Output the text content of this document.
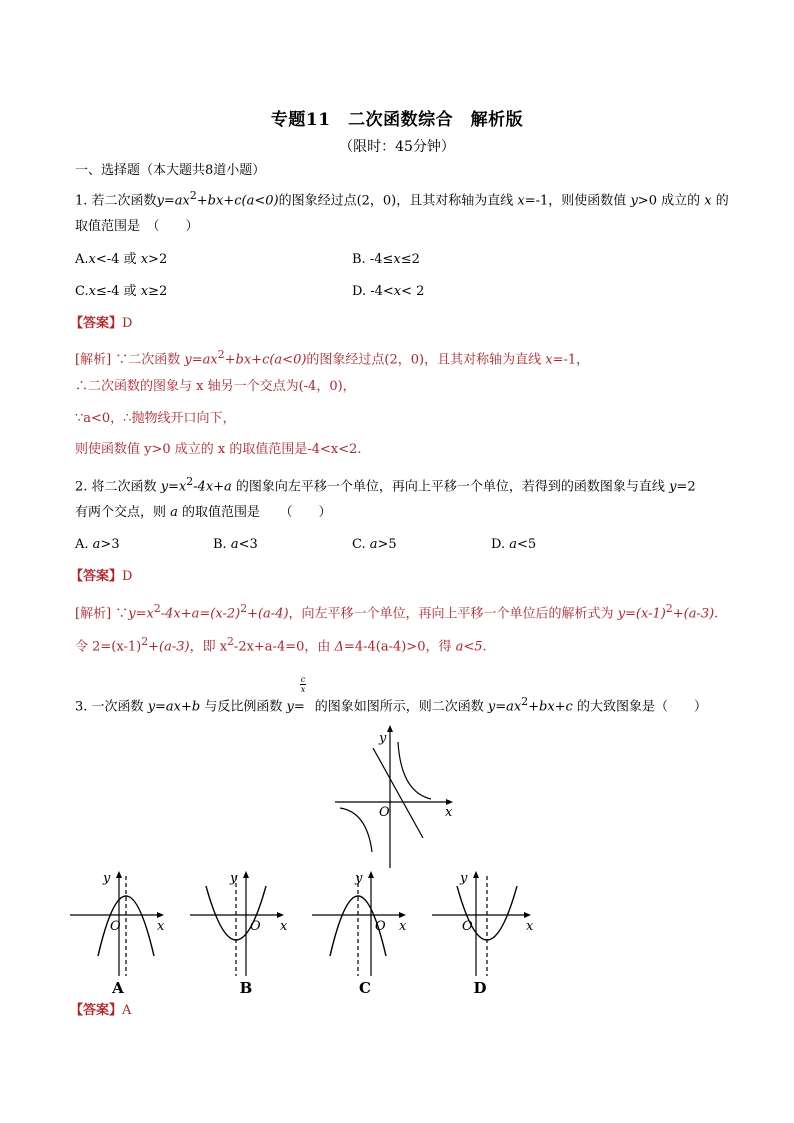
专题11　二次函数综合　解析版
（限时：45分钟）
一、选择题（本大题共8道小题）
1. 若二次函数$y=ax^2+bx+c(a<0)$的图象经过点(2，0)，且其对称轴为直线 x=-1，则使函数值 y>0 成立的 x 的
取值范围是　（　　）
A.x<-4 或 x>2	B. -4≤x≤2
C.x≤-4 或 x≥2	D. -4<x< 2
【答案】D
[解析] ∵二次函数 $y=ax^2+bx+c(a<0)$的图象经过点(2，0)，且其对称轴为直线 x=-1，
∴二次函数的图象与 x 轴另一个交点为(-4，0)，
∵a<0，∴抛物线开口向下，
则使函数值 y>0 成立的 x 的取值范围是-4<x<2.
2. 将二次函数 $y=x^2-4x+a$ 的图象向左平移一个单位，再向上平移一个单位，若得到的函数图象与直线 y=2
有两个交点，则 a 的取值范围是　　（　　）
A. a>3	B. a<3	C. a>5	D. a<5
【答案】D
[解析] $\because y=x^2-4x+a=(x-2)^2+(a-4)$，向左平移一个单位，再向上平移一个单位后的解析式为 $y=(x-1)^2+(a-3)$.
令 $2=(x-1)^2+(a-3)$，即 $x^2-2x+a-4=0$，由 Δ=4-4(a-4)>0，得 a<5.
c
x
3. 一次函数 y=ax+b 与反比例函数 y= 的图象如图所示，则二次函数 $y=ax^2+bx+c$ 的大致图象是（　　）
y
x
O
y
x
O
y
x
O
y
x
O
y
x
O
A	B	C	D
【答案】A
